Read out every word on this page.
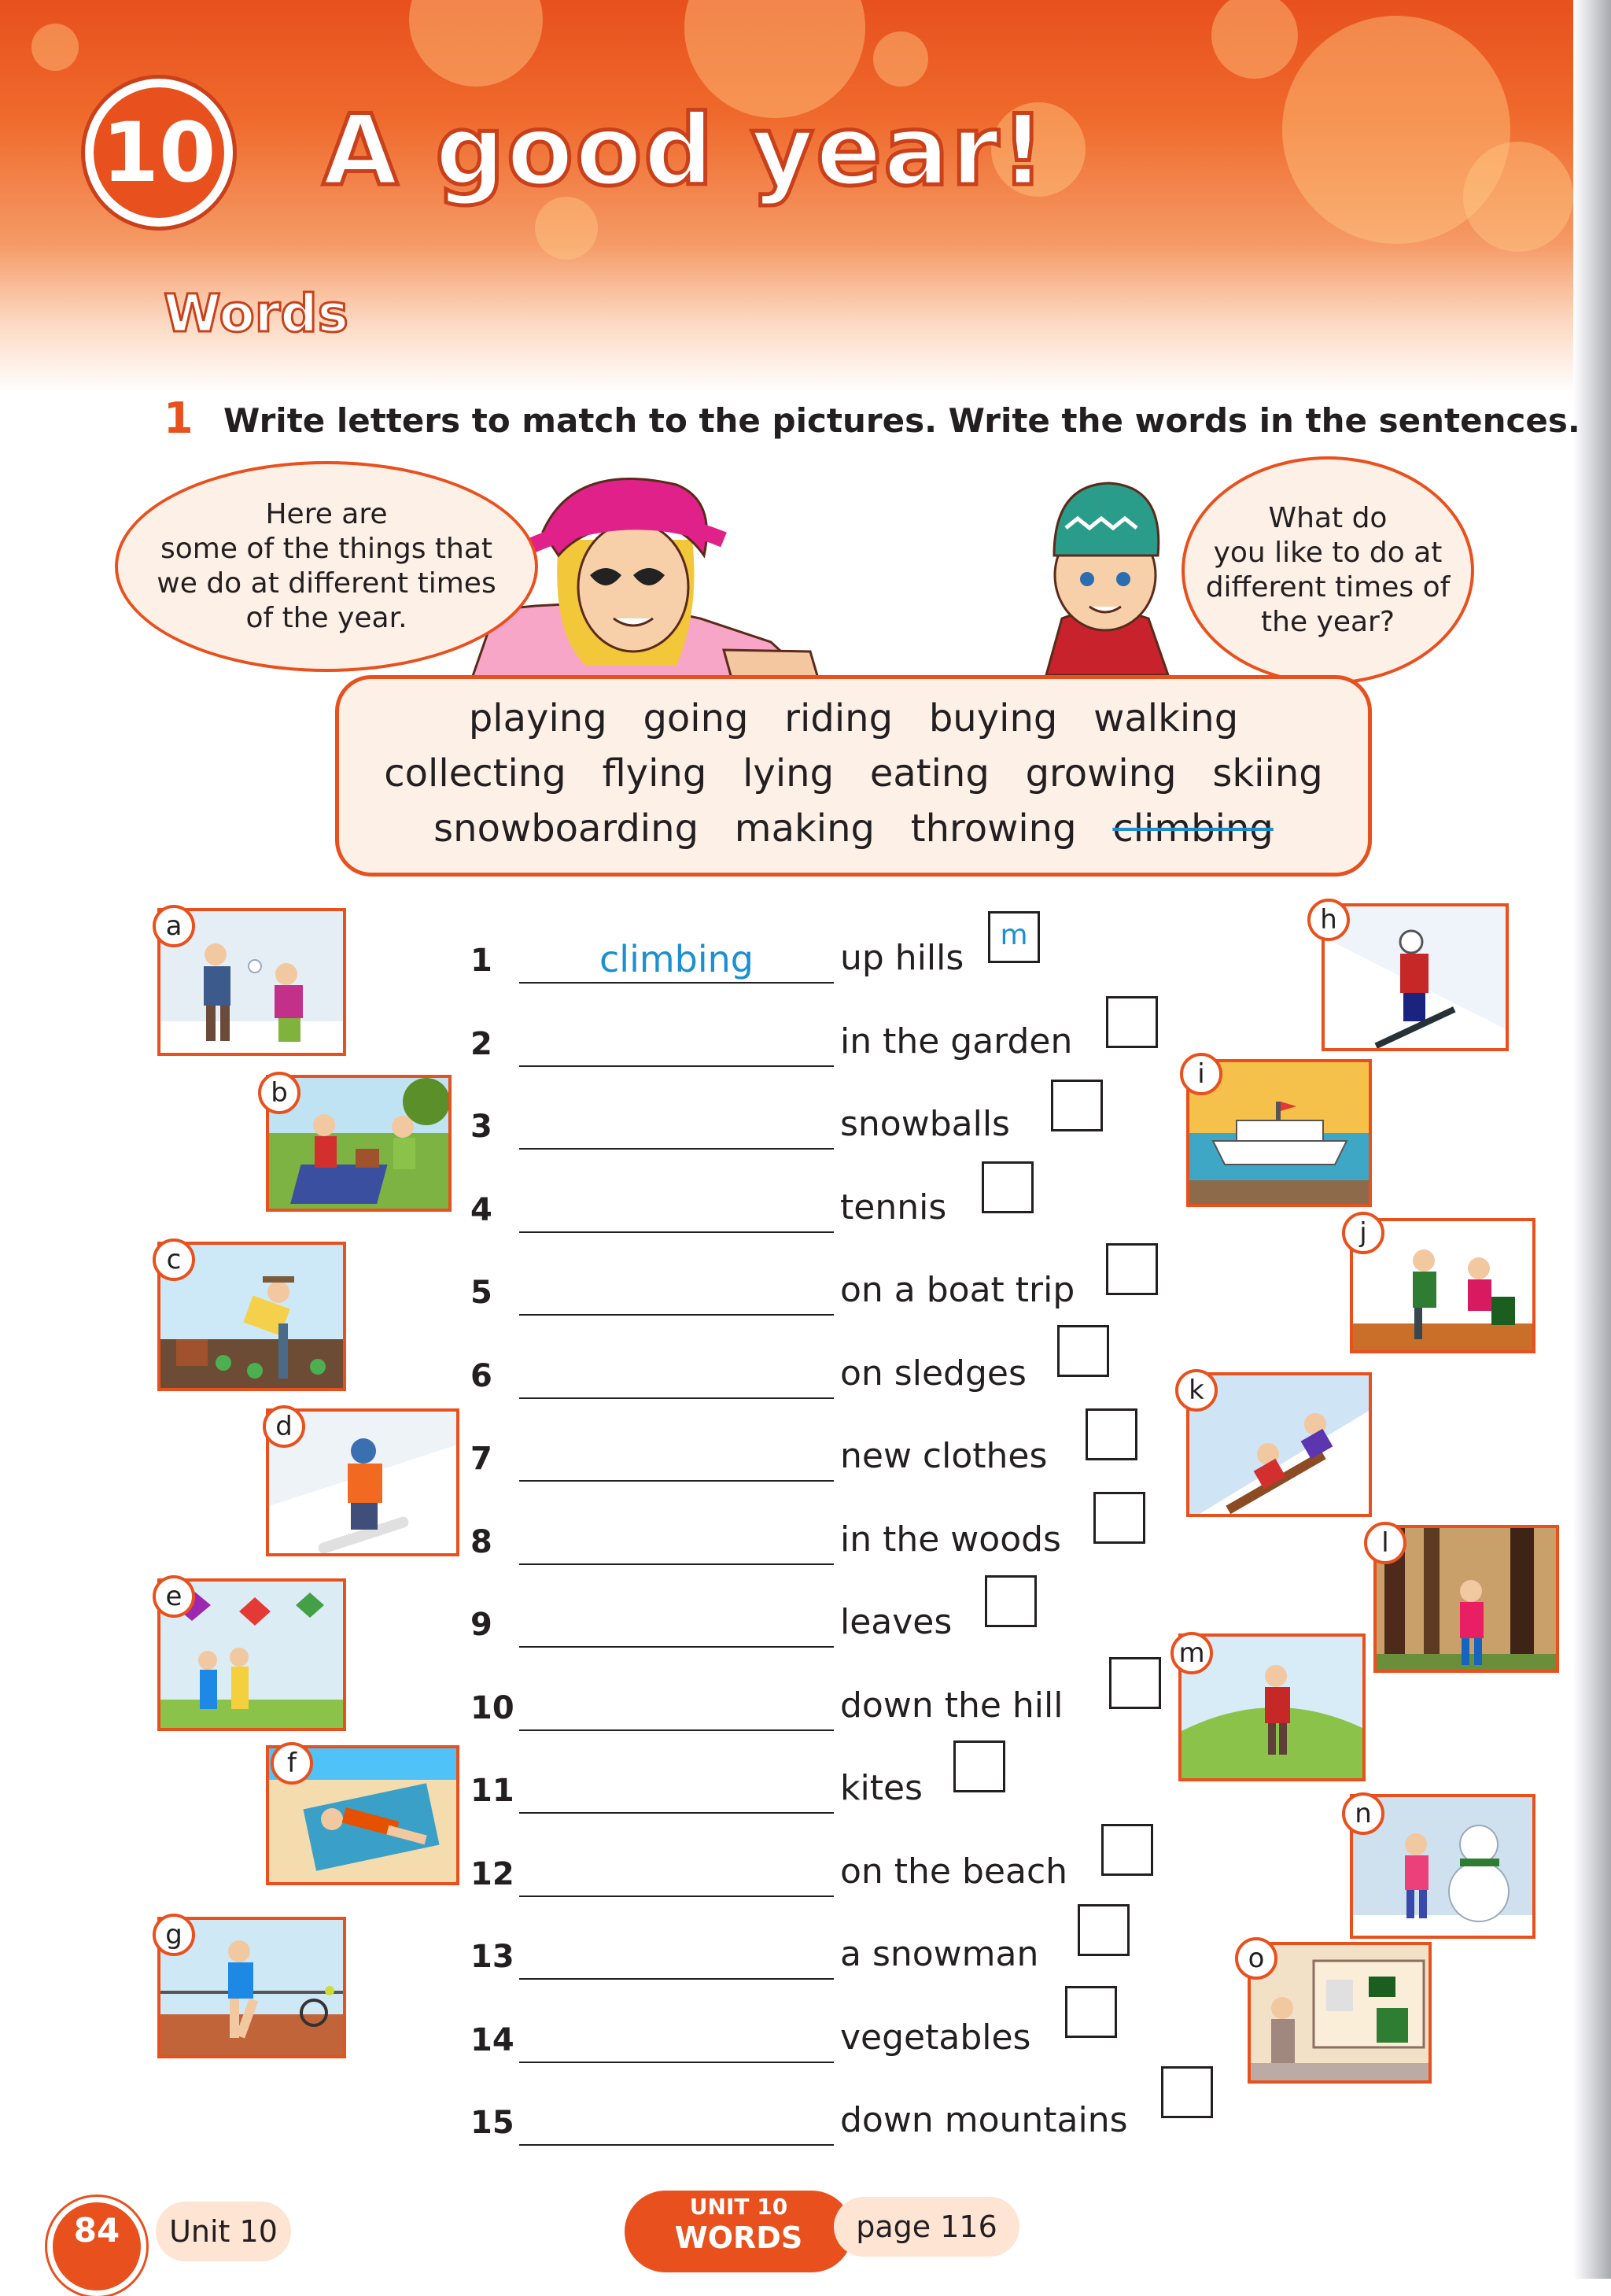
10 A good year!
Words
1 Write letters to match to the pictures. Write the words in the sentences.
Here are
some of the things that
we do at different times
of the year.
What do
you like to do at
different times of
the year?
playing   going   riding   buying   walking
collecting   flying   lying   eating   growing   skiing
snowboarding   making   throwing   climbing
a
b
c
d
e
f
g
h
i
j
k
l
m
n
o
1	climbing	up hills
m
2	in the garden
3	snowballs
4	tennis
5	on a boat trip
6	on sledges
7	new clothes
8	in the woods
9	leaves
10	down the hill
11	kites
12	on the beach
13	a snowman
14	vegetables
15	down mountains
84	Unit 10
UNIT 10
WORDS	page 116
